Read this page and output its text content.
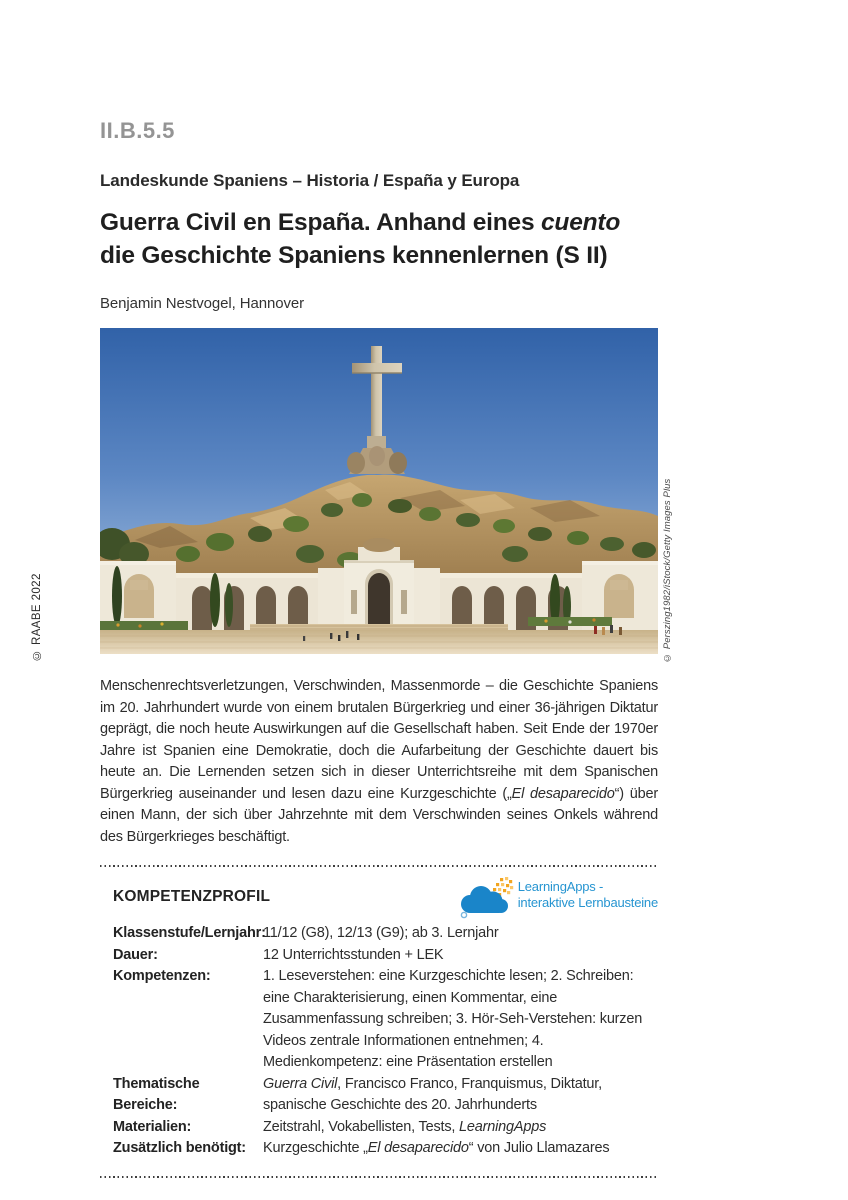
© RAABE 2022	© Perszing1982/iStock/Getty Images Plus
II.B.5.5
Landeskunde Spaniens – Historia / España y Europa
Guerra Civil en España. Anhand eines cuento
die Geschichte Spaniens kennenlernen (S II)
Benjamin Nestvogel, Hannover
Menschenrechtsverletzungen, Verschwinden, Massenmorde – die Geschichte Spaniens im 20. Jahrhundert wurde von einem brutalen Bürgerkrieg und einer 36-jährigen Diktatur geprägt, die noch heute Auswirkungen auf die Gesellschaft haben. Seit Ende der 1970er Jahre ist Spanien eine Demokratie, doch die Aufarbeitung der Geschichte dauert bis heute an. Die Lernenden setzen sich in dieser Unterrichtsreihe mit dem Spanischen Bürgerkrieg auseinander und lesen dazu eine Kurzgeschichte („El desaparecido“) über einen Mann, der sich über Jahrzehnte mit dem Verschwinden seines Onkels während des Bürgerkrieges beschäftigt.
KOMPETENZPROFIL
LearningApps -
interaktive Lernbausteine
Klassenstufe/Lernjahr:
11/12 (G8), 12/13 (G9); ab 3. Lernjahr
Dauer:	12 Unterrichtsstunden + LEK
Kompetenzen:	1. Leseverstehen: eine Kurzgeschichte lesen; 2. Schreiben: eine Charakterisierung, einen Kommentar, eine Zusammenfassung schreiben; 3. Hör-Seh-Verstehen: kurzen Videos zentrale Informationen entnehmen; 4. Medienkompetenz: eine Präsentation erstellen
Thematische Bereiche:
Guerra Civil, Francisco Franco, Franquismus, Diktatur, spanische Geschichte des 20. Jahrhunderts
Materialien:	Zeitstrahl, Vokabellisten, Tests, LearningApps
Zusätzlich benötigt:	Kurzgeschichte „El desaparecido“ von Julio Llamazares
